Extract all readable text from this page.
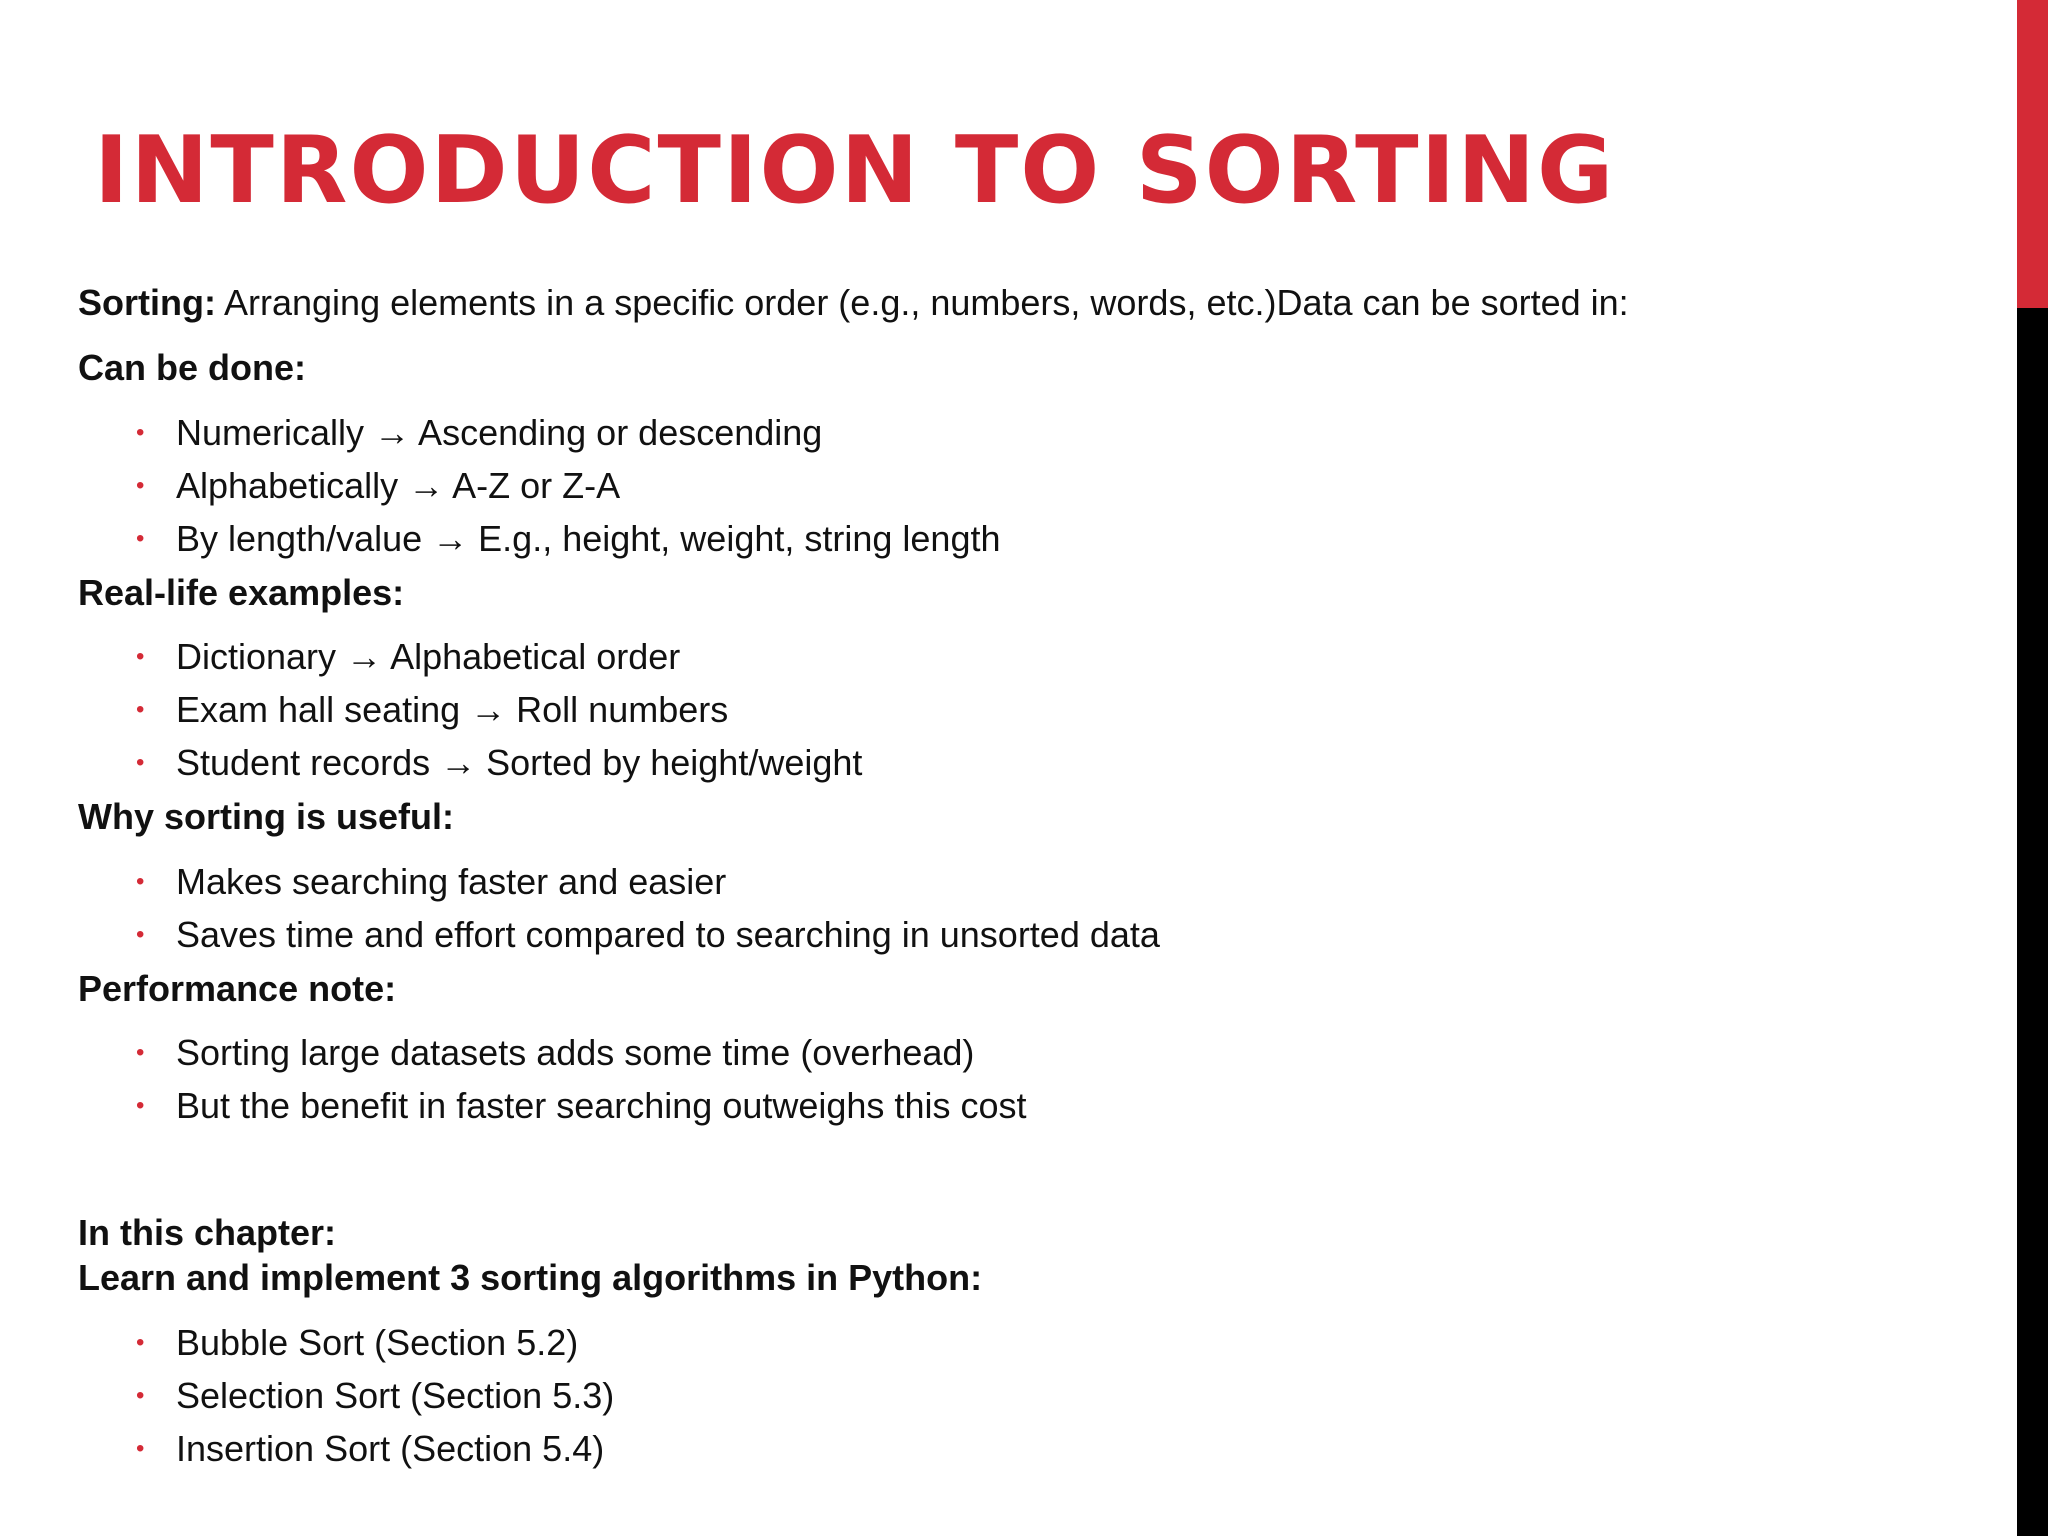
INTRODUCTION TO SORTING
Sorting: Arranging elements in a specific order (e.g., numbers, words, etc.)Data can be sorted in:
Can be done:
• Numerically → Ascending or descending
• Alphabetically → A-Z or Z-A
• By length/value → E.g., height, weight, string length
Real-life examples:
• Dictionary → Alphabetical order
• Exam hall seating → Roll numbers
• Student records → Sorted by height/weight
Why sorting is useful:
• Makes searching faster and easier
• Saves time and effort compared to searching in unsorted data
Performance note:
• Sorting large datasets adds some time (overhead)
• But the benefit in faster searching outweighs this cost
In this chapter:
Learn and implement 3 sorting algorithms in Python:
• Bubble Sort (Section 5.2)
• Selection Sort (Section 5.3)
• Insertion Sort (Section 5.4)
